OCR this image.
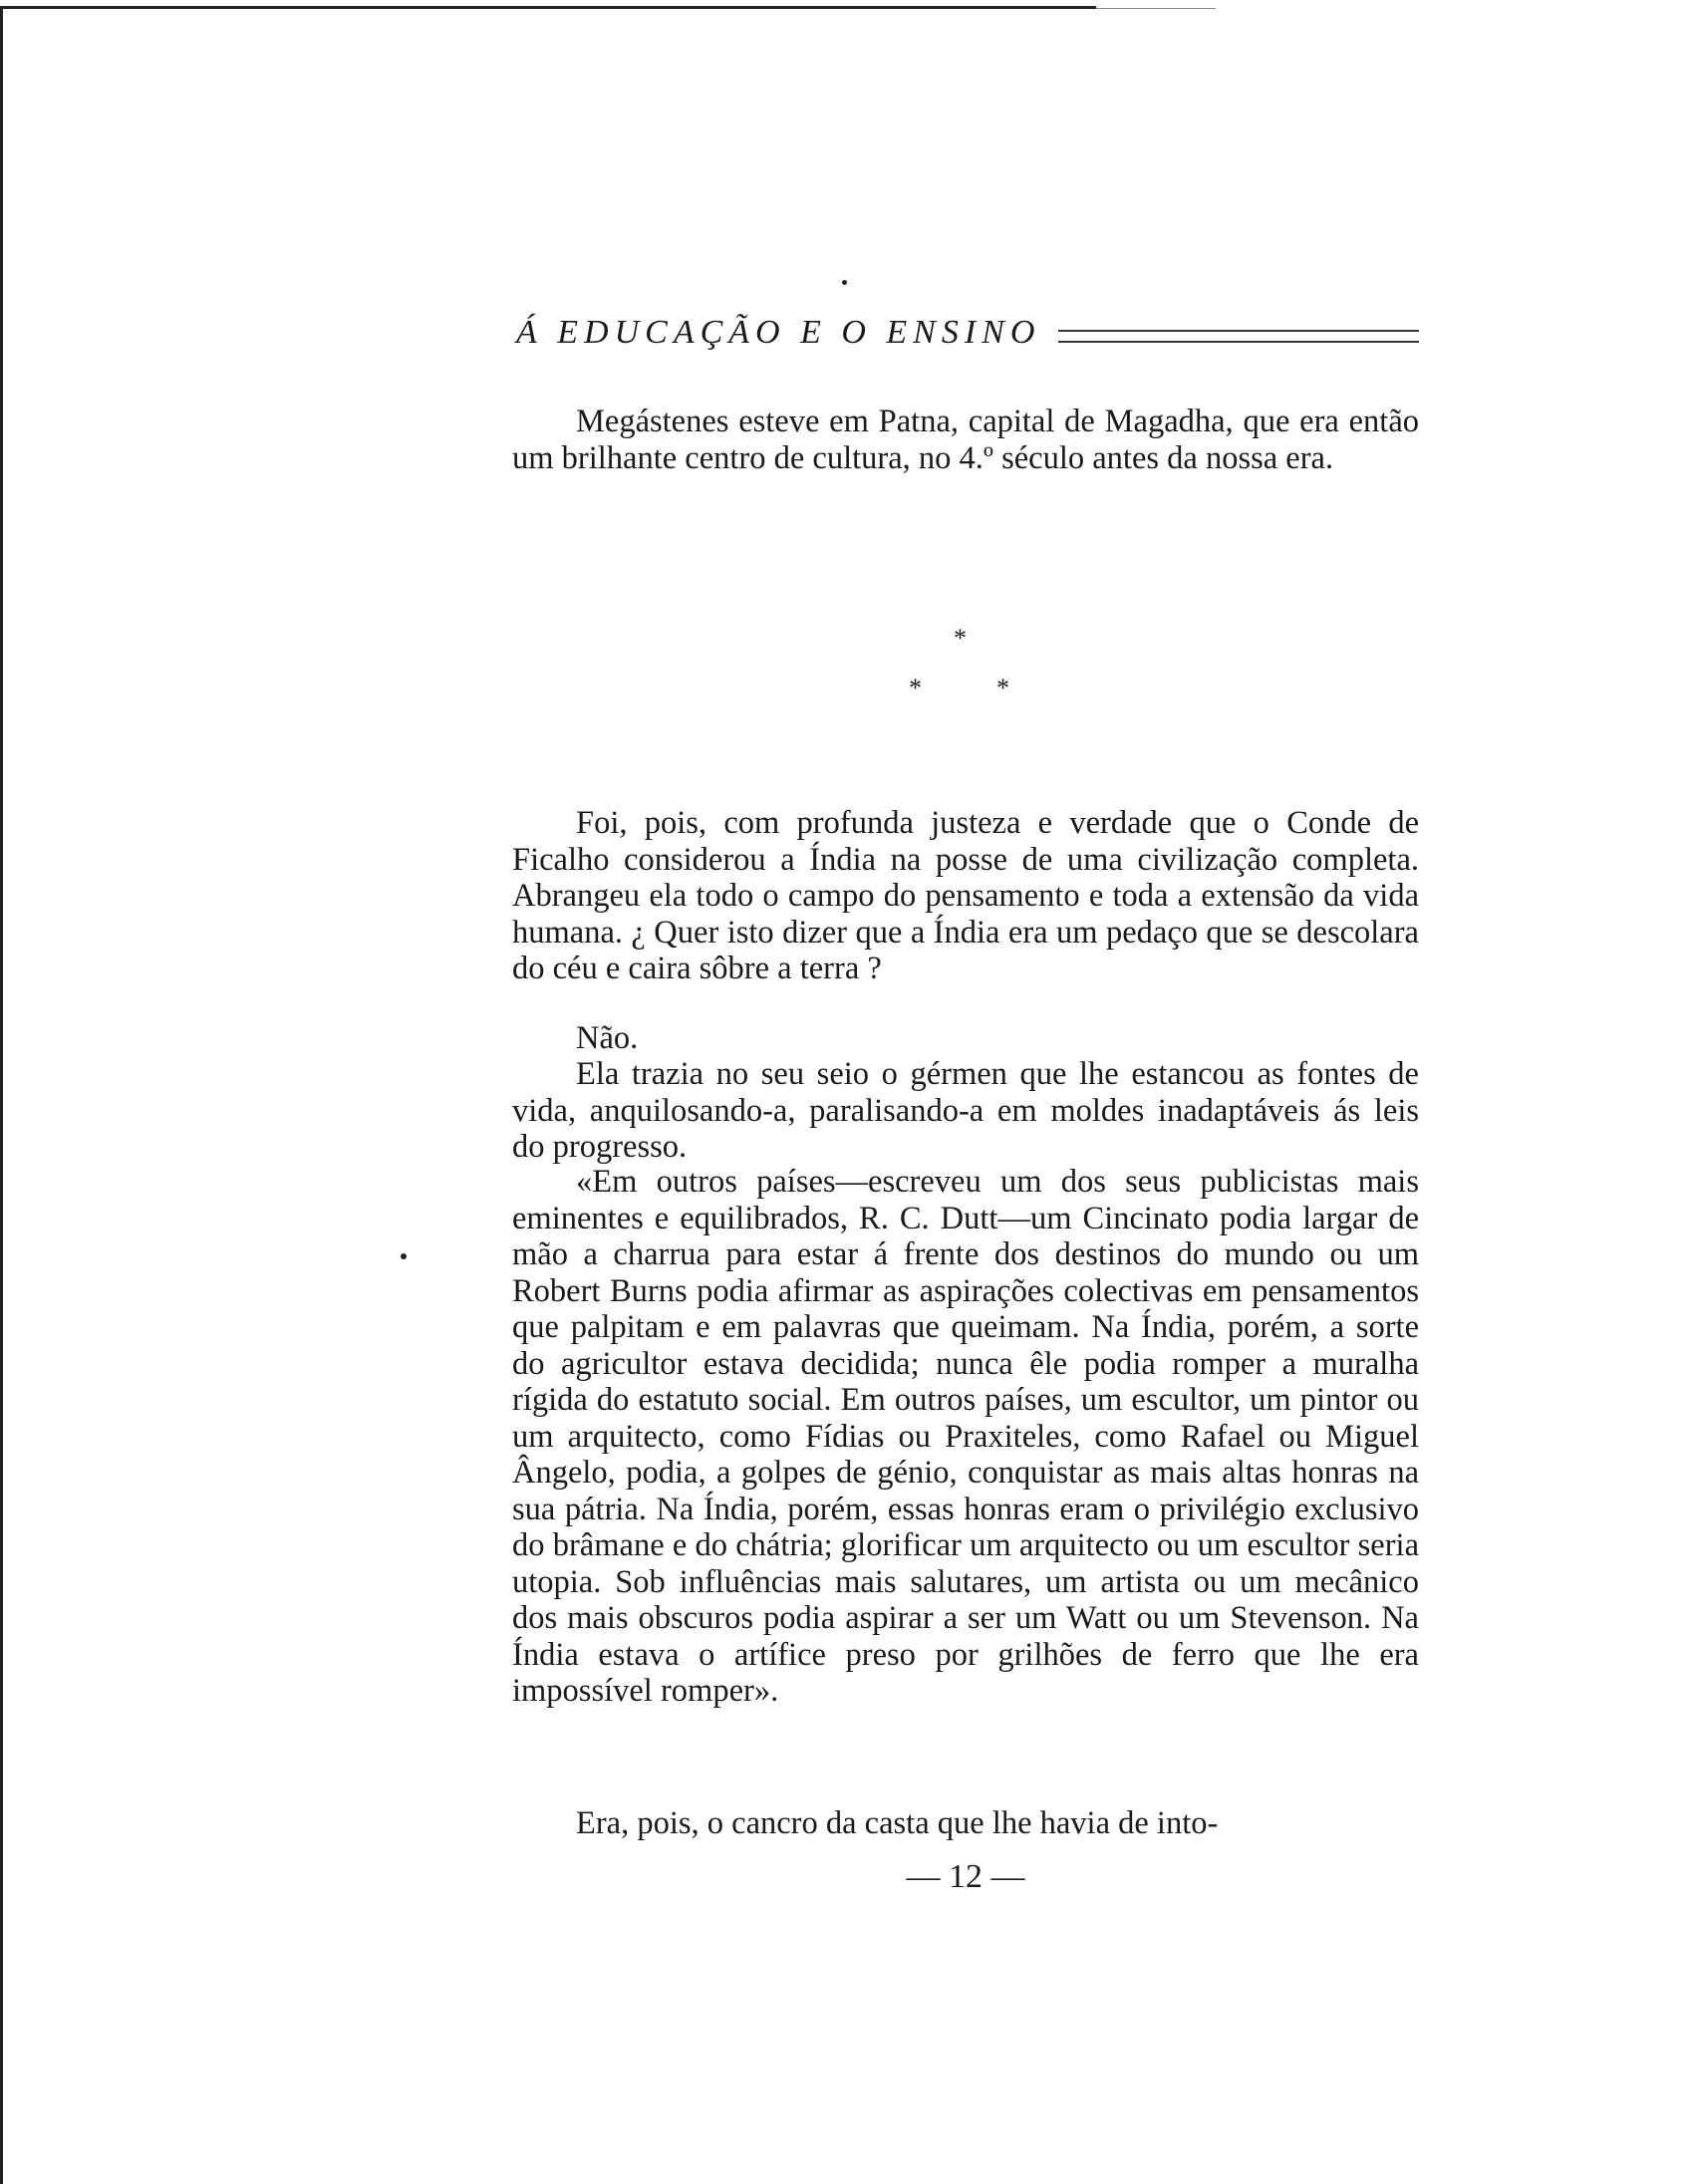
Á EDUCAÇÃO E O ENSINO

Megástenes esteve em Patna, capital de Magadha, que era então um brilhante centro de cultura, no 4.º século antes da nossa era.

*
*	*

Foi, pois, com profunda justeza e verdade que o Conde de Ficalho considerou a Índia na posse de uma civilização completa. Abrangeu ela todo o campo do pensamento e toda a extensão da vida humana. ¿ Quer isto dizer que a Índia era um pedaço que se descolara do céu e caira sôbre a terra ?

Não.

Ela trazia no seu seio o gérmen que lhe estancou as fontes de vida, anquilosando-a, paralisando-a em moldes inadaptáveis ás leis do progresso.

«Em outros países—escreveu um dos seus publicistas mais eminentes e equilibrados, R. C. Dutt—um Cincinato podia largar de mão a charrua para estar á frente dos destinos do mundo ou um Robert Burns podia afirmar as aspirações colectivas em pensamentos que palpitam e em palavras que queimam. Na Índia, porém, a sorte do agricultor estava decidida; nunca êle podia romper a muralha rígida do estatuto social. Em outros países, um escultor, um pintor ou um arquitecto, como Fídias ou Praxiteles, como Rafael ou Miguel Ângelo, podia, a golpes de génio, conquistar as mais altas honras na sua pátria. Na Índia, porém, essas honras eram o privilégio exclusivo do brâmane e do chátria; glorificar um arquitecto ou um escultor seria utopia. Sob influências mais salutares, um artista ou um mecânico dos mais obscuros podia aspirar a ser um Watt ou um Stevenson. Na Índia estava o artífice preso por grilhões de ferro que lhe era impossível romper».

Era, pois, o cancro da casta que lhe havia de into-

— 12 —
